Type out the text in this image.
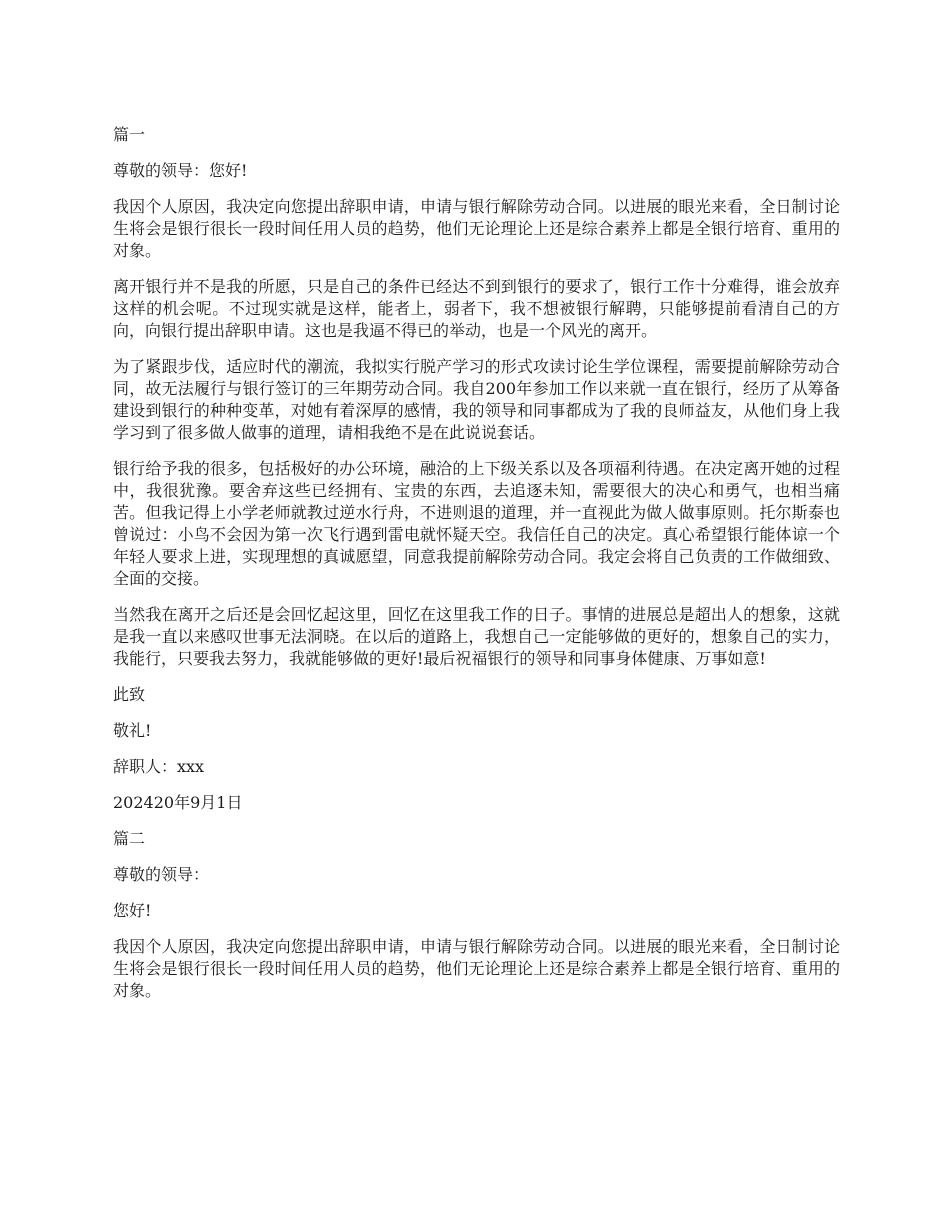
篇一

尊敬的领导：您好!

我因个人原因，我决定向您提出辞职申请，申请与银行解除劳动合同。以进展的眼光来看，全日制讨论生将会是银行很长一段时间任用人员的趋势，他们无论理论上还是综合素养上都是全银行培育、重用的对象。

离开银行并不是我的所愿，只是自己的条件已经达不到到银行的要求了，银行工作十分难得，谁会放弃这样的机会呢。不过现实就是这样，能者上，弱者下，我不想被银行解聘，只能够提前看清自己的方向，向银行提出辞职申请。这也是我逼不得已的举动，也是一个风光的离开。

为了紧跟步伐，适应时代的潮流，我拟实行脱产学习的形式攻读讨论生学位课程，需要提前解除劳动合同，故无法履行与银行签订的三年期劳动合同。我自200年参加工作以来就一直在银行，经历了从筹备建设到银行的种种变革，对她有着深厚的感情，我的领导和同事都成为了我的良师益友，从他们身上我学习到了很多做人做事的道理，请相我绝不是在此说说套话。

银行给予我的很多，包括极好的办公环境，融洽的上下级关系以及各项福利待遇。在决定离开她的过程中，我很犹豫。要舍弃这些已经拥有、宝贵的东西，去追逐未知，需要很大的决心和勇气，也相当痛苦。但我记得上小学老师就教过逆水行舟，不进则退的道理，并一直视此为做人做事原则。托尔斯泰也曾说过：小鸟不会因为第一次飞行遇到雷电就怀疑天空。我信任自己的决定。真心希望银行能体谅一个年轻人要求上进，实现理想的真诚愿望，同意我提前解除劳动合同。我定会将自己负责的工作做细致、全面的交接。

当然我在离开之后还是会回忆起这里，回忆在这里我工作的日子。事情的进展总是超出人的想象，这就是我一直以来感叹世事无法洞晓。在以后的道路上，我想自己一定能够做的更好的，想象自己的实力，我能行，只要我去努力，我就能够做的更好!最后祝福银行的领导和同事身体健康、万事如意!

此致

敬礼!

辞职人：xxx

202420年9月1日

篇二

尊敬的领导：

您好!

我因个人原因，我决定向您提出辞职申请，申请与银行解除劳动合同。以进展的眼光来看，全日制讨论生将会是银行很长一段时间任用人员的趋势，他们无论理论上还是综合素养上都是全银行培育、重用的对象。
